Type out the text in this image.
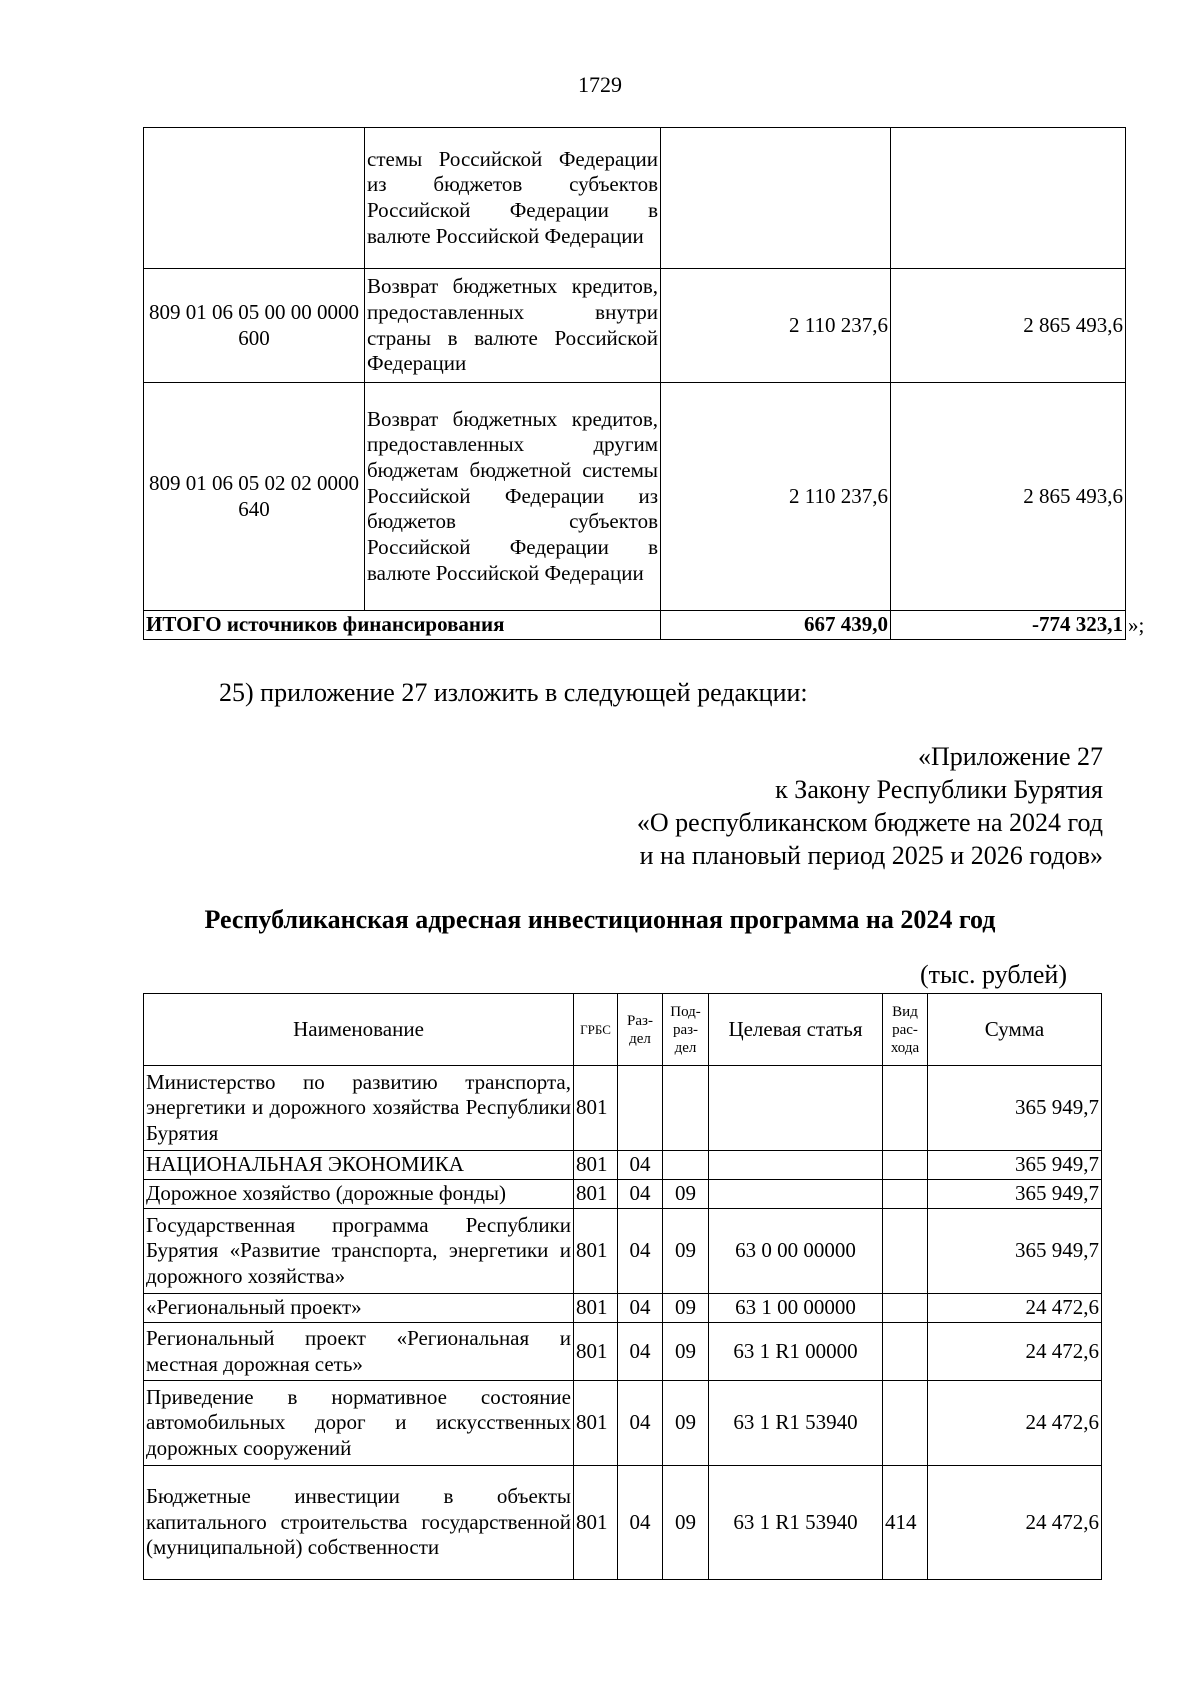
1729
	стемы Российской Федерации из бюджетов субъектов Российской Федерации в валюте Российской Федерации		
809 01 06 05 00 00 0000 600	Возврат бюджетных кредитов, предоставленных внутри страны в валюте Российской Федерации	2 110 237,6	2 865 493,6
809 01 06 05 02 02 0000 640	Возврат бюджетных кредитов, предоставленных другим бюджетам бюджетной системы Российской Федерации из бюджетов субъектов Российской Федерации в валюте Российской Федерации	2 110 237,6	2 865 493,6
ИТОГО источников финансирования		667 439,0	-774 323,1 »;
25) приложение 27 изложить в следующей редакции:
«Приложение 27
к Закону Республики Бурятия
«О республиканском бюджете на 2024 год
и на плановый период 2025 и 2026 годов»
Республиканская адресная инвестиционная программа на 2024 год
(тыс. рублей)
Наименование	ГРБС	Раз-дел	Под-раз-дел	Целевая статья	Вид рас-хода	Сумма
Министерство по развитию транспорта, энергетики и дорожного хозяйства Республики Бурятия	801					365 949,7
НАЦИОНАЛЬНАЯ ЭКОНОМИКА	801	04				365 949,7
Дорожное хозяйство (дорожные фонды)	801	04	09			365 949,7
Государственная программа Республики Бурятия «Развитие транспорта, энергетики и дорожного хозяйства»	801	04	09	63 0 00 00000		365 949,7
«Региональный проект»	801	04	09	63 1 00 00000		24 472,6
Региональный проект «Региональная и местная дорожная сеть»	801	04	09	63 1 R1 00000		24 472,6
Приведение в нормативное состояние автомобильных дорог и искусственных дорожных сооружений	801	04	09	63 1 R1 53940		24 472,6
Бюджетные инвестиции в объекты капитального строительства государственной (муниципальной) собственности	801	04	09	63 1 R1 53940	414	24 472,6
